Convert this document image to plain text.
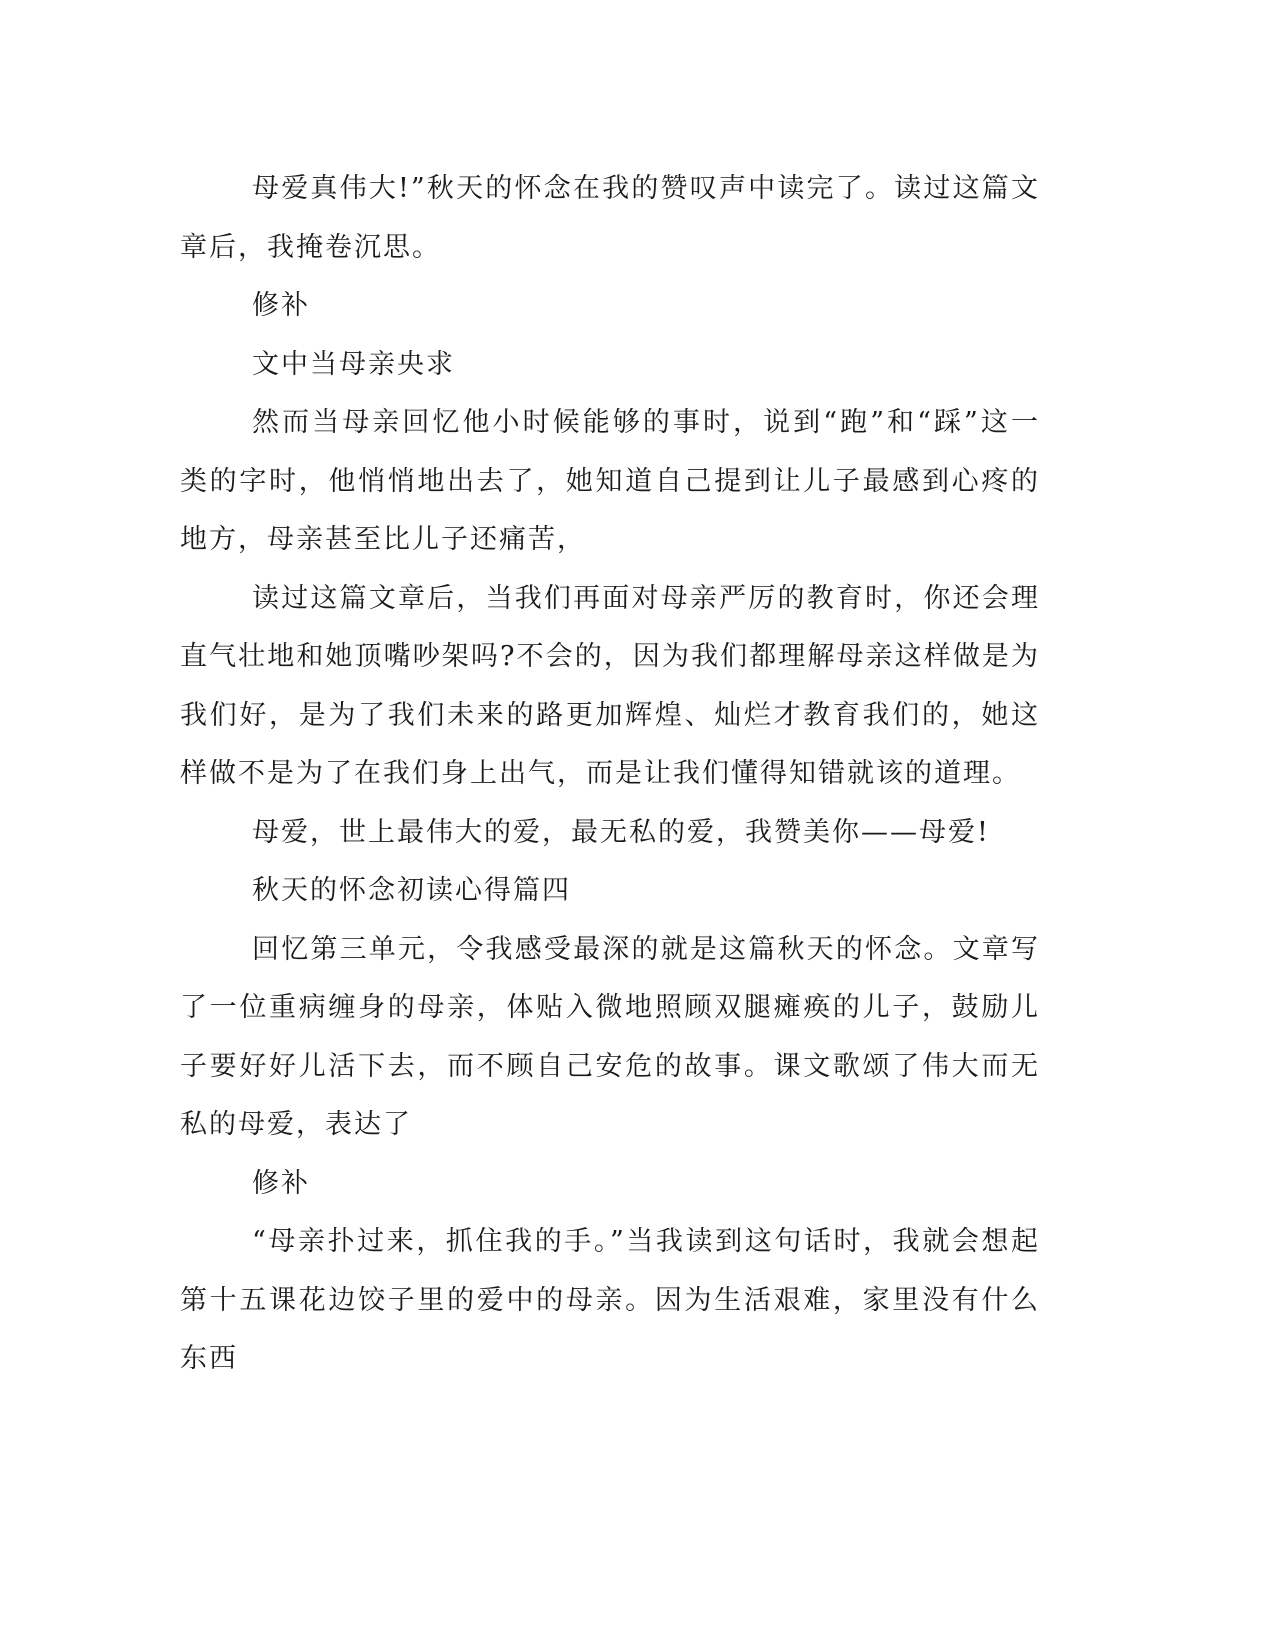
母爱真伟大!”秋天的怀念在我的赞叹声中读完了。读过这篇文章后，我掩卷沉思。

修补

文中当母亲央求

然而当母亲回忆他小时候能够的事时，说到“跑”和“踩”这一类的字时，他悄悄地出去了，她知道自己提到让儿子最感到心疼的地方，母亲甚至比儿子还痛苦，

读过这篇文章后，当我们再面对母亲严厉的教育时，你还会理直气壮地和她顶嘴吵架吗?不会的，因为我们都理解母亲这样做是为我们好，是为了我们未来的路更加辉煌、灿烂才教育我们的，她这样做不是为了在我们身上出气，而是让我们懂得知错就该的道理。

母爱，世上最伟大的爱，最无私的爱，我赞美你——母爱!

秋天的怀念初读心得篇四

回忆第三单元，令我感受最深的就是这篇秋天的怀念。文章写了一位重病缠身的母亲，体贴入微地照顾双腿瘫痪的儿子，鼓励儿子要好好儿活下去，而不顾自己安危的故事。课文歌颂了伟大而无私的母爱，表达了

修补

“母亲扑过来，抓住我的手。”当我读到这句话时，我就会想起第十五课花边饺子里的爱中的母亲。因为生活艰难，家里没有什么东西
